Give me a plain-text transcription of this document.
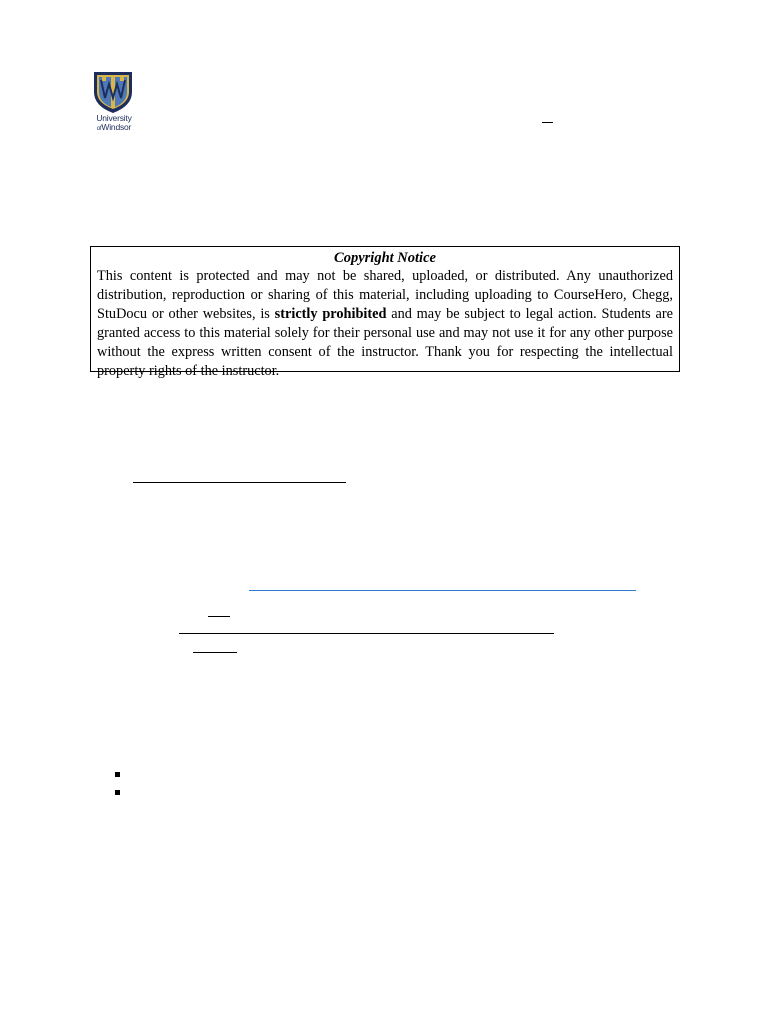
University
ofWindsor

Copyright Notice

This content is protected and may not be shared, uploaded, or distributed. Any unauthorized distribution, reproduction or sharing of this material, including uploading to CourseHero, Chegg, StuDocu or other websites, is strictly prohibited and may be subject to legal action. Students are granted access to this material solely for their personal use and may not use it for any other purpose without the express written consent of the instructor. Thank you for respecting the intellectual property rights of the instructor.
